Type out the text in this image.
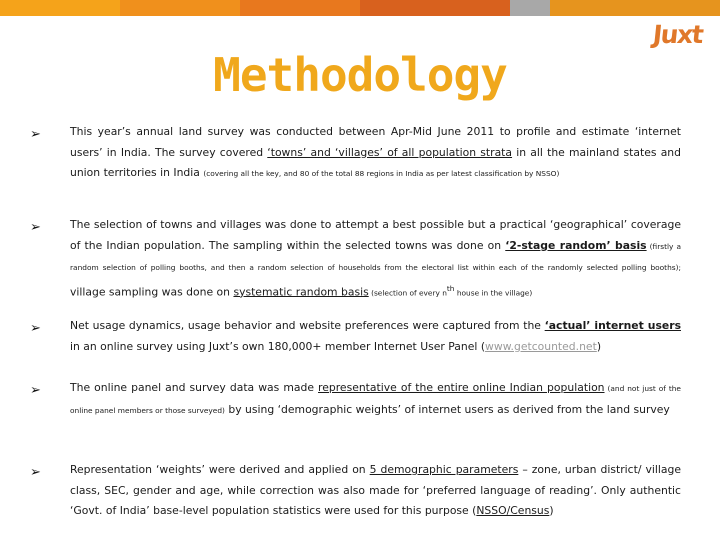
Juxt
Methodology
➢	This year’s annual land survey was conducted between Apr-Mid June 2011 to profile and estimate ‘internet users’ in India. The survey covered ‘towns’ and ‘villages’ of all population strata in all the mainland states and union territories in India (covering all the key, and 80 of the total 88 regions in India as per latest classification by NSSO)
➢	The selection of towns and villages was done to attempt a best possible but a practical ‘geographical’ coverage of the Indian population. The sampling within the selected towns was done on ‘2-stage random’ basis (firstly a random selection of polling booths, and then a random selection of households from the electoral list within each of the randomly selected polling booths); village sampling was done on systematic random basis (selection of every $n^{th}$ house in the village)
➢	Net usage dynamics, usage behavior and website preferences were captured from the ‘actual’ internet users in an online survey using Juxt’s own 180,000+ member Internet User Panel (www.getcounted.net)
➢	The online panel and survey data was made representative of the entire online Indian population (and not just of the online panel members or those surveyed) by using ‘demographic weights’ of internet users as derived from the land survey
➢	Representation ‘weights’ were derived and applied on 5 demographic parameters – zone, urban district/ village class, SEC, gender and age, while correction was also made for ‘preferred language of reading’. Only authentic ‘Govt. of India’ base-level population statistics were used for this purpose (NSSO/Census)
